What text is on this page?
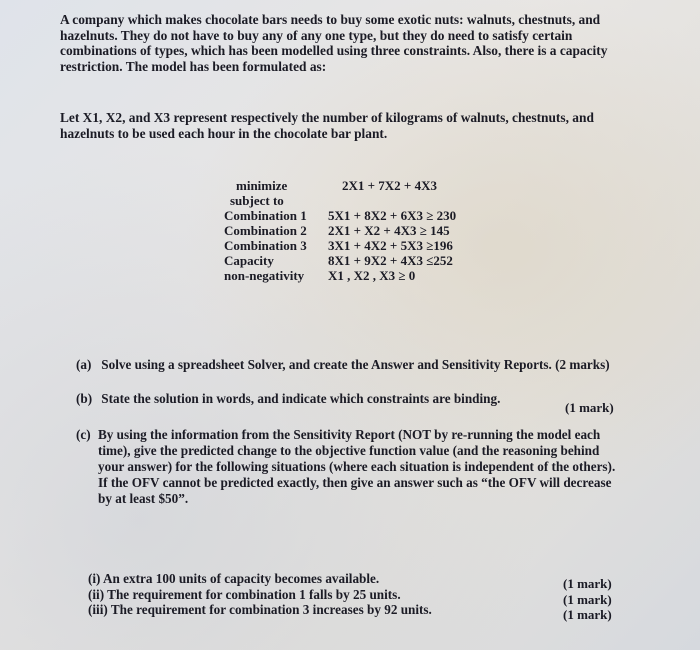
A company which makes chocolate bars needs to buy some exotic nuts: walnuts, chestnuts, and hazelnuts. They do not have to buy any of any one type, but they do need to satisfy certain combinations of types, which has been modelled using three constraints. Also, there is a capacity restriction. The model has been formulated as:
Let X1, X2, and X3 represent respectively the number of kilograms of walnuts, chestnuts, and hazelnuts to be used each hour in the chocolate bar plant.
minimize	2X1 + 7X2 + 4X3
subject to
Combination 1	5X1 + 8X2 + 6X3 ≥ 230
Combination 2	2X1 + X2 + 4X3 ≥ 145
Combination 3	3X1 + 4X2 + 5X3 ≥196
Capacity	8X1 + 9X2 + 4X3 ≤252
non-negativity	X1 , X2 , X3 ≥ 0
(a) Solve using a spreadsheet Solver, and create the Answer and Sensitivity Reports. (2 marks)
(b) State the solution in words, and indicate which constraints are binding.
(1 mark)
(c) By using the information from the Sensitivity Report (NOT by re-running the model each time), give the predicted change to the objective function value (and the reasoning behind your answer) for the following situations (where each situation is independent of the others). If the OFV cannot be predicted exactly, then give an answer such as “the OFV will decrease by at least $50”.
(i) An extra 100 units of capacity becomes available.
(ii) The requirement for combination 1 falls by 25 units.
(iii) The requirement for combination 3 increases by 92 units.
(1 mark)
(1 mark)
(1 mark)
